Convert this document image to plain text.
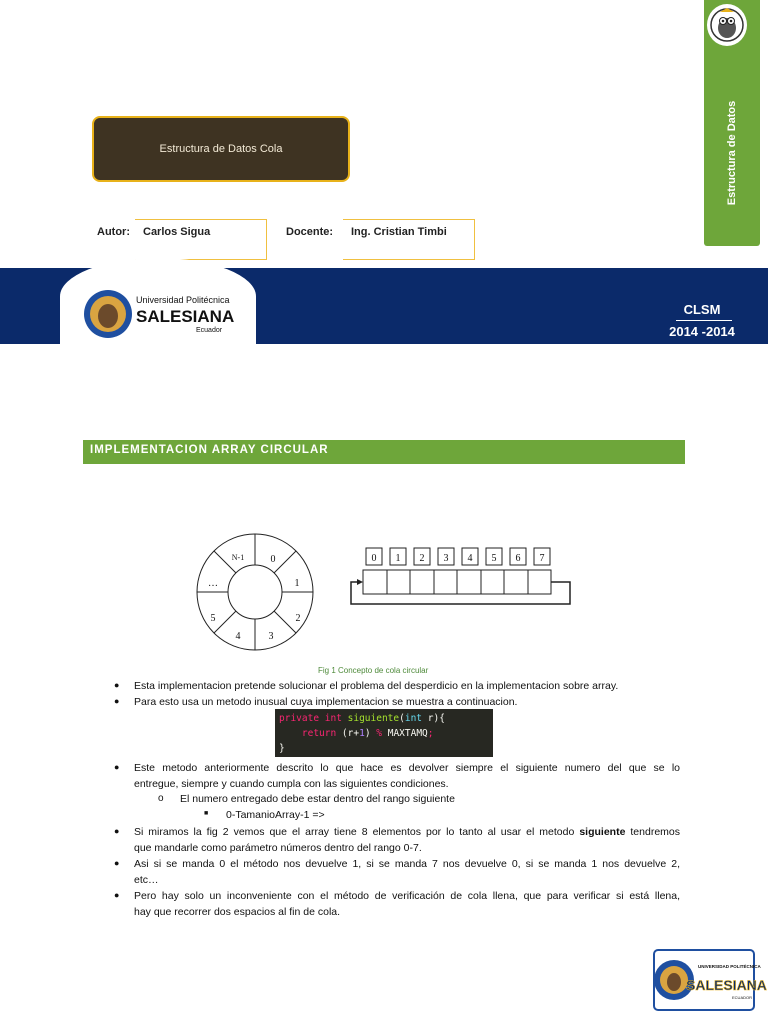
Estructura de Datos
Estructura de Datos Cola
Autor:	Carlos Sigua	Docente:	Ing. Cristian Timbi
Universidad Politécnica
SALESIANA
Ecuador
CLSM
2014 -2014
IMPLEMENTACION ARRAY CIRCULAR
N-1	0
1
2
3
4
5
…
0 1 2 3 4 5 6 7
Fig 1 Concepto de cola circular
● Esta implementacion pretende solucionar el problema del desperdicio en la implementacion sobre array.
● Para esto usa un metodo inusual cuya implementacion se muestra a continuacion.
private int siguiente(int r){
return (r+1) % MAXTAMQ;
}
● Este metodo anteriormente descrito lo que hace es devolver siempre el siguiente numero del que se lo
entregue, siempre y cuando cumpla con las siguientes condiciones.
o El numero entregado debe estar dentro del rango siguiente
■ 0-TamanioArray-1 =>
● Si miramos la fig 2 vemos que el array tiene 8 elementos por lo tanto al usar el metodo siguiente tendremos
que mandarle como parámetro números dentro del rango 0-7.
● Asi si se manda 0 el método nos devuelve 1, si se manda 7 nos devuelve 0, si se manda 1 nos devuelve 2,
etc…
● Pero hay solo un inconveniente con el método de verificación de cola llena, que para verificar si está llena,
hay que recorrer dos espacios al fin de cola.
UNIVERSIDAD POLITÉCNICA
SALESIANA
ECUADOR
